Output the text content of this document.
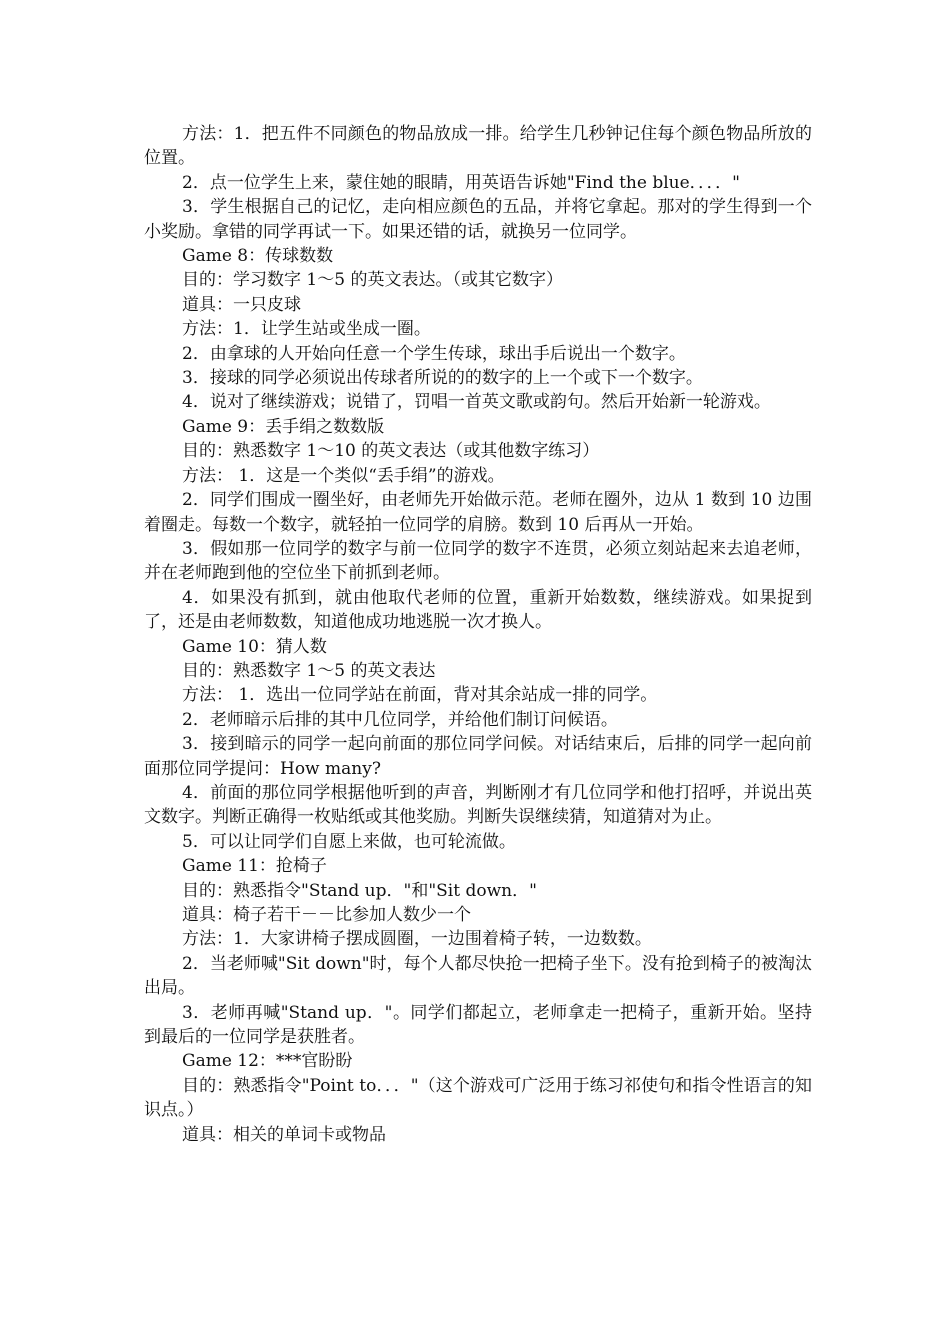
方法：1．把五件不同颜色的物品放成一排。给学生几秒钟记住每个颜色物品所放的位置。

2．点一位学生上来，蒙住她的眼睛，用英语告诉她"Find the blue．．．．"

3．学生根据自己的记忆，走向相应颜色的五品，并将它拿起。那对的学生得到一个小奖励。拿错的同学再试一下。如果还错的话，就换另一位同学。

Game 8：传球数数

目的：学习数字 1～5 的英文表达。（或其它数字）

道具：一只皮球

方法：1．让学生站或坐成一圈。

2．由拿球的人开始向任意一个学生传球，球出手后说出一个数字。

3．接球的同学必须说出传球者所说的的数字的上一个或下一个数字。

4．说对了继续游戏；说错了，罚唱一首英文歌或韵句。然后开始新一轮游戏。

Game 9：丢手绢之数数版

目的：熟悉数字 1～10 的英文表达（或其他数字练习）

方法： 1．这是一个类似“丢手绢”的游戏。

2．同学们围成一圈坐好，由老师先开始做示范。老师在圈外，边从 1 数到 10 边围着圈走。每数一个数字，就轻拍一位同学的肩膀。数到 10 后再从一开始。

3．假如那一位同学的数字与前一位同学的数字不连贯，必须立刻站起来去追老师，并在老师跑到他的空位坐下前抓到老师。

4．如果没有抓到，就由他取代老师的位置，重新开始数数，继续游戏。如果捉到了，还是由老师数数，知道他成功地逃脱一次才换人。

Game 10：猜人数

目的：熟悉数字 1～5 的英文表达

方法： 1．选出一位同学站在前面，背对其余站成一排的同学。

2．老师暗示后排的其中几位同学，并给他们制订问候语。

3．接到暗示的同学一起向前面的那位同学问候。对话结束后，后排的同学一起向前面那位同学提问：How many?

4．前面的那位同学根据他听到的声音，判断刚才有几位同学和他打招呼，并说出英文数字。判断正确得一枚贴纸或其他奖励。判断失误继续猜，知道猜对为止。

5．可以让同学们自愿上来做，也可轮流做。

Game 11：抢椅子

目的：熟悉指令"Stand up．"和"Sit down．"

道具：椅子若干－－比参加人数少一个

方法：1．大家讲椅子摆成圆圈，一边围着椅子转，一边数数。

2．当老师喊"Sit down"时，每个人都尽快抢一把椅子坐下。没有抢到椅子的被淘汰出局。

3．老师再喊"Stand up．"。同学们都起立，老师拿走一把椅子，重新开始。坚持到最后的一位同学是获胜者。

Game 12：***官盼盼

目的：熟悉指令"Point to．．．"（这个游戏可广泛用于练习祁使句和指令性语言的知识点。）

道具：相关的单词卡或物品
